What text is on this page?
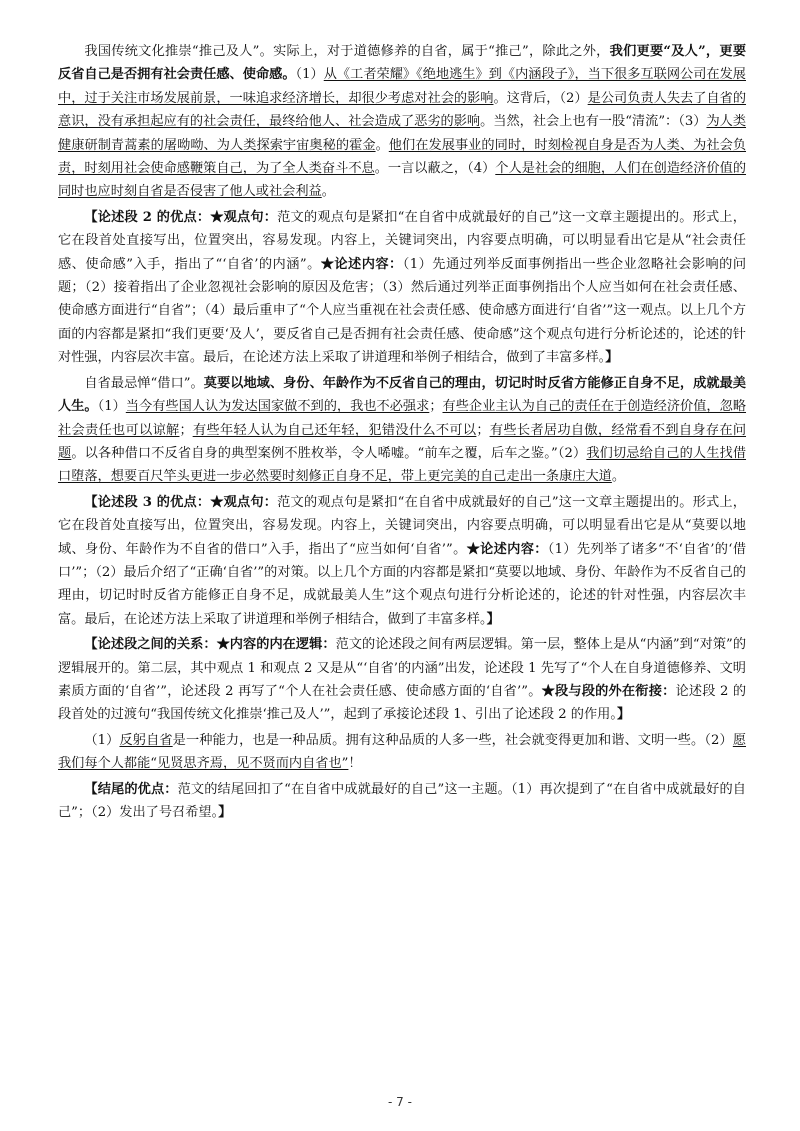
我国传统文化推崇“推己及人”。实际上，对于道德修养的自省，属于“推己”，除此之外，我们更要“及人”，更要反省自己是否拥有社会责任感、使命感。（1）从《工者荣耀》《绝地逃生》到《内涵段子》，当下很多互联网公司在发展中，过于关注市场发展前景，一味追求经济增长，却很少考虑对社会的影响。这背后，（2）是公司负责人失去了自省的意识，没有承担起应有的社会责任，最终给他人、社会造成了恶劣的影响。当然，社会上也有一股“清流”：（3）为人类健康研制青蒿素的屠呦呦、为人类探索宇宙奥秘的霍金。他们在发展事业的同时，时刻检视自身是否为人类、为社会负责，时刻用社会使命感鞭策自己，为了全人类奋斗不息。一言以蔽之，（4）个人是社会的细胞，人们在创造经济价值的同时也应时刻自省是否侵害了他人或社会利益。

【论述段 2 的优点：★观点句：范文的观点句是紧扣“在自省中成就最好的自己”这一文章主题提出的。形式上，它在段首处直接写出，位置突出，容易发现。内容上，关键词突出，内容要点明确，可以明显看出它是从“社会责任感、使命感”入手，指出了“‘自省’的内涵”。★论述内容：（1）先通过列举反面事例指出一些企业忽略社会影响的问题；（2）接着指出了企业忽视社会影响的原因及危害；（3）然后通过列举正面事例指出个人应当如何在社会责任感、使命感方面进行“自省”；（4）最后重申了“个人应当重视在社会责任感、使命感方面进行‘自省’”这一观点。以上几个方面的内容都是紧扣“我们更要‘及人’，要反省自己是否拥有社会责任感、使命感”这个观点句进行分析论述的，论述的针对性强，内容层次丰富。最后，在论述方法上采取了讲道理和举例子相结合，做到了丰富多样。】

自省最忌惮“借口”。莫要以地域、身份、年龄作为不反省自己的理由，切记时时反省方能修正自身不足，成就最美人生。（1）当今有些国人认为发达国家做不到的，我也不必强求；有些企业主认为自己的责任在于创造经济价值，忽略社会责任也可以谅解；有些年轻人认为自己还年轻，犯错没什么不可以；有些长者居功自傲，经常看不到自身存在问题。以各种借口不反省自身的典型案例不胜枚举，令人唏嘘。“前车之覆，后车之鉴。”（2）我们切忌给自己的人生找借口堕落，想要百尺竿头更进一步必然要时刻修正自身不足，带上更完美的自己走出一条康庄大道。

【论述段 3 的优点：★观点句：范文的观点句是紧扣“在自省中成就最好的自己”这一文章主题提出的。形式上，它在段首处直接写出，位置突出，容易发现。内容上，关键词突出，内容要点明确，可以明显看出它是从“莫要以地域、身份、年龄作为不自省的借口”入手，指出了“应当如何‘自省’”。★论述内容：（1）先列举了诸多“不‘自省’的‘借口’”；（2）最后介绍了“正确‘自省’”的对策。以上几个方面的内容都是紧扣“莫要以地域、身份、年龄作为不反省自己的理由，切记时时反省方能修正自身不足，成就最美人生”这个观点句进行分析论述的，论述的针对性强，内容层次丰富。最后，在论述方法上采取了讲道理和举例子相结合，做到了丰富多样。】

【论述段之间的关系：★内容的内在逻辑：范文的论述段之间有两层逻辑。第一层，整体上是从“内涵”到“对策”的逻辑展开的。第二层，其中观点 1 和观点 2 又是从“‘自省’的内涵”出发，论述段 1 先写了“个人在自身道德修养、文明素质方面的‘自省’”，论述段 2 再写了“个人在社会责任感、使命感方面的‘自省’”。★段与段的外在衔接：论述段 2 的段首处的过渡句“我国传统文化推崇‘推己及人’”，起到了承接论述段 1、引出了论述段 2 的作用。】

（1）反躬自省是一种能力，也是一种品质。拥有这种品质的人多一些，社会就变得更加和谐、文明一些。（2）愿我们每个人都能“见贤思齐焉，见不贤而内自省也”！

【结尾的优点：范文的结尾回扣了“在自省中成就最好的自己”这一主题。（1）再次提到了“在自省中成就最好的自己”；（2）发出了号召希望。】

- 7 -
